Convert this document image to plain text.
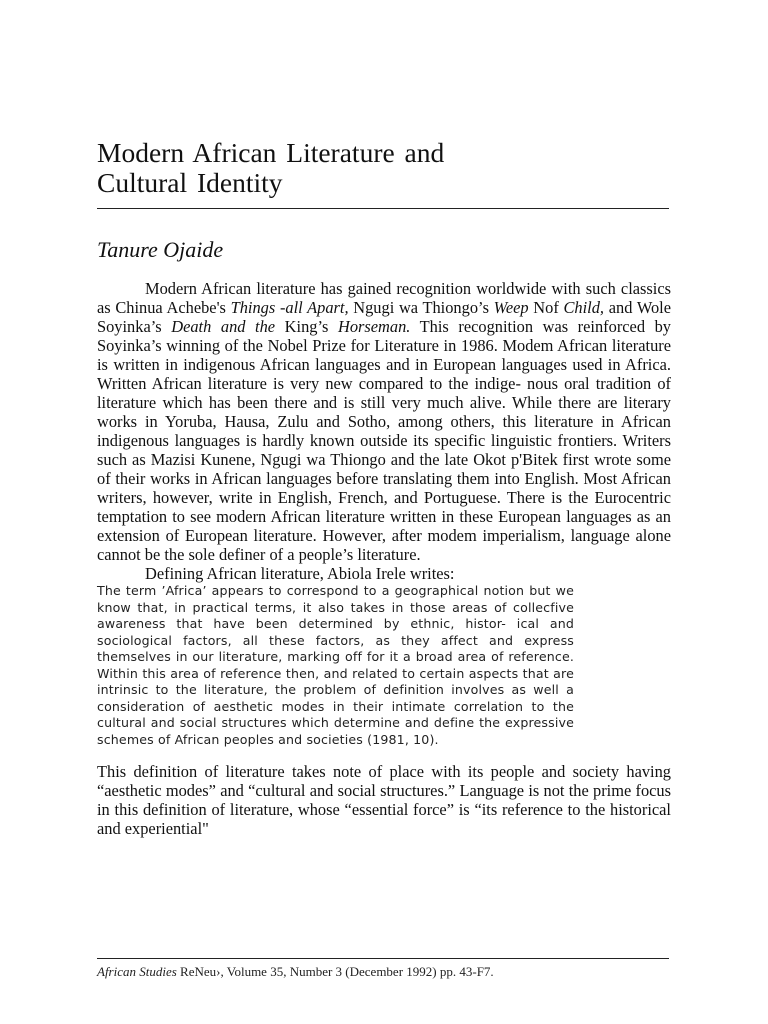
Modern African Literature and
Cultural Identity
Tanure Ojaide

Modern African literature has gained recognition worldwide with such classics as Chinua Achebe's Things -all Apart, Ngugi wa Thiongo’s Weep Nof Child, and Wole Soyinka’s Death and the King’s Horseman. This recognition was reinforced by Soyinka’s winning of the Nobel Prize for Literature in 1986. Modem African literature is written in indigenous African languages and in European languages used in Africa. Written African literature is very new compared to the indige- nous oral tradition of literature which has been there and is still very much alive. While there are literary works in Yoruba, Hausa, Zulu and Sotho, among others, this literature in African indigenous languages is hardly known outside its specific linguistic frontiers. Writers such as Mazisi Kunene, Ngugi wa Thiongo and the late Okot p'Bitek first wrote some of their works in African languages before translating them into English. Most African writers, however, write in English, French, and Portuguese. There is the Eurocentric temptation to see modern African literature written in these European languages as an extension of European literature. However, after modem imperialism, language alone cannot be the sole definer of a people’s literature.

Defining African literature, Abiola Irele writes:

The term ’Africa’ appears to correspond to a geographical notion but we know that, in practical terms, it also takes in those areas of collecfive awareness that have been determined by ethnic, histor- ical and sociological factors, all these factors, as they affect and express themselves in our literature, marking off for it a broad area of reference. Within this area of reference then, and related to certain aspects that are intrinsic to the literature, the problem of definition involves as well a consideration of aesthetic modes in their intimate correlation to the cultural and social structures which determine and define the expressive schemes of African peoples and societies (1981, 10).

This definition of literature takes note of place with its people and society having “aesthetic modes” and “cultural and social structures.” Language is not the prime focus in this definition of literature, whose “essential force” is “its reference to the historical and experiential"

African Studies ReNeu›, Volume 35, Number 3 (December 1992) pp. 43-F7.
